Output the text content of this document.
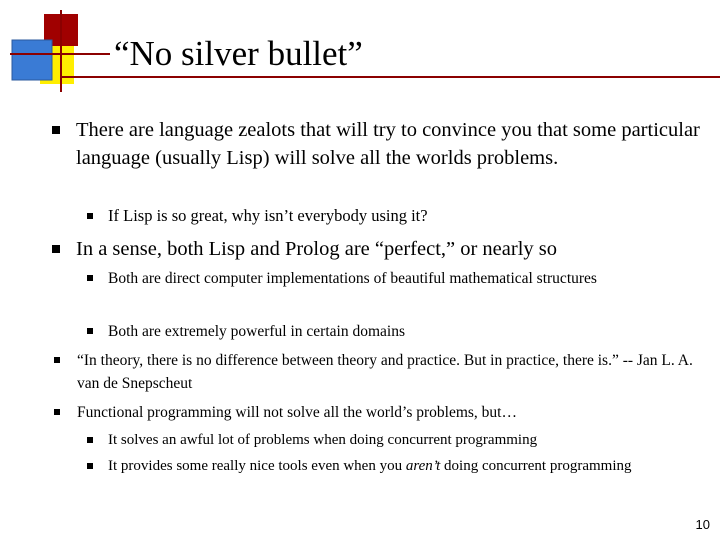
“No silver bullet”
There are language zealots that will try to convince you that some particular language (usually Lisp) will solve all the worlds problems.
If Lisp is so great, why isn’t everybody using it?
In a sense, both Lisp and Prolog are “perfect,” or nearly so
Both are direct computer implementations of beautiful mathematical structures
Both are extremely powerful in certain domains
“In theory, there is no difference between theory and practice. But in practice, there is.” -- Jan L. A. van de Snepscheut
Functional programming will not solve all the world’s problems, but…
It solves an awful lot of problems when doing concurrent programming
It provides some really nice tools even when you aren’t doing concurrent programming
10
